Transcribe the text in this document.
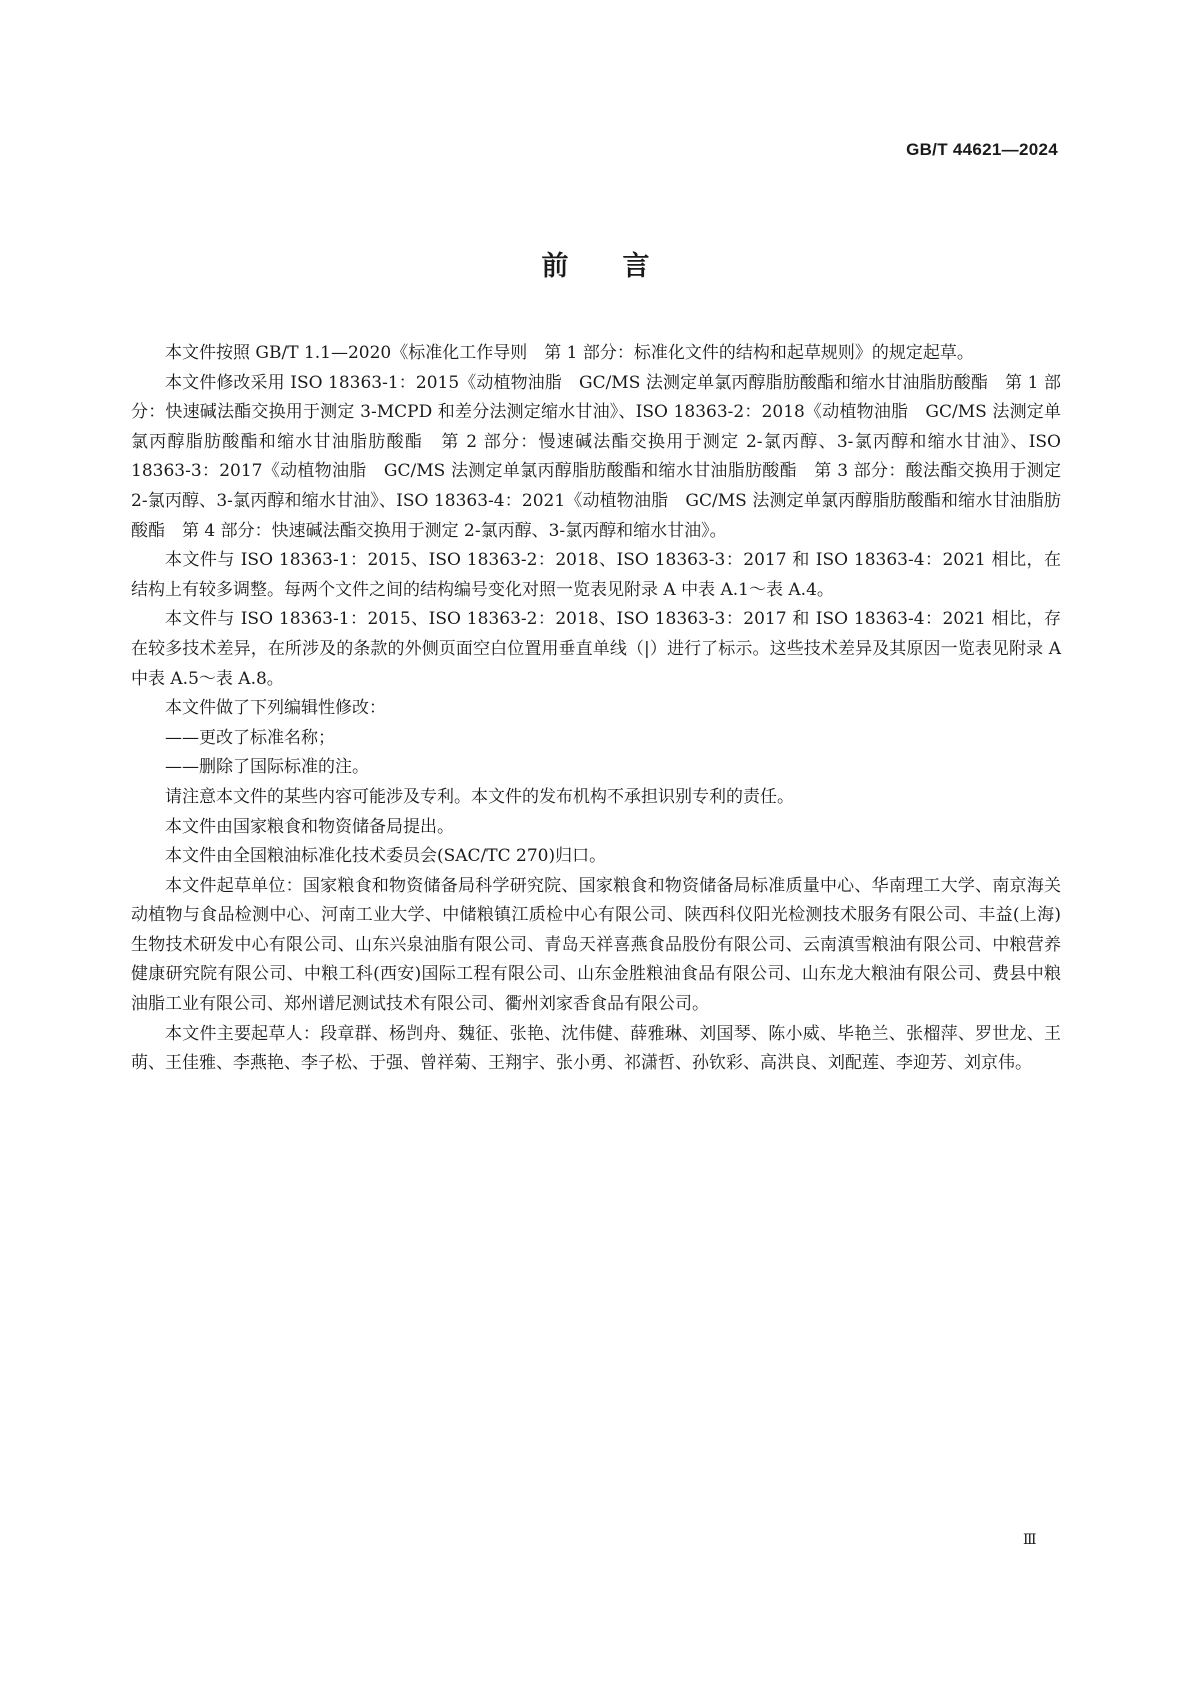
GB/T 44621—2024
前 言

本文件按照 GB/T 1.1—2020《标准化工作导则　第 1 部分：标准化文件的结构和起草规则》的规定起草。

本文件修改采用 ISO 18363-1：2015《动植物油脂　GC/MS 法测定单氯丙醇脂肪酸酯和缩水甘油脂肪酸酯　第 1 部分：快速碱法酯交换用于测定 3-MCPD 和差分法测定缩水甘油》、ISO 18363-2：2018《动植物油脂　GC/MS 法测定单氯丙醇脂肪酸酯和缩水甘油脂肪酸酯　第 2 部分：慢速碱法酯交换用于测定 2-氯丙醇、3-氯丙醇和缩水甘油》、ISO 18363-3：2017《动植物油脂　GC/MS 法测定单氯丙醇脂肪酸酯和缩水甘油脂肪酸酯　第 3 部分：酸法酯交换用于测定 2-氯丙醇、3-氯丙醇和缩水甘油》、ISO 18363-4：2021《动植物油脂　GC/MS 法测定单氯丙醇脂肪酸酯和缩水甘油脂肪酸酯　第 4 部分：快速碱法酯交换用于测定 2-氯丙醇、3-氯丙醇和缩水甘油》。

本文件与 ISO 18363-1：2015、ISO 18363-2：2018、ISO 18363-3：2017 和 ISO 18363-4：2021 相比，在结构上有较多调整。每两个文件之间的结构编号变化对照一览表见附录 A 中表 A.1～表 A.4。

本文件与 ISO 18363-1：2015、ISO 18363-2：2018、ISO 18363-3：2017 和 ISO 18363-4：2021 相比，存在较多技术差异，在所涉及的条款的外侧页面空白位置用垂直单线（|）进行了标示。这些技术差异及其原因一览表见附录 A 中表 A.5～表 A.8。

本文件做了下列编辑性修改：

——更改了标准名称；

——删除了国际标准的注。

请注意本文件的某些内容可能涉及专利。本文件的发布机构不承担识别专利的责任。

本文件由国家粮食和物资储备局提出。

本文件由全国粮油标准化技术委员会(SAC/TC 270)归口。

本文件起草单位：国家粮食和物资储备局科学研究院、国家粮食和物资储备局标准质量中心、华南理工大学、南京海关动植物与食品检测中心、河南工业大学、中储粮镇江质检中心有限公司、陕西科仪阳光检测技术服务有限公司、丰益(上海)生物技术研发中心有限公司、山东兴泉油脂有限公司、青岛天祥喜燕食品股份有限公司、云南滇雪粮油有限公司、中粮营养健康研究院有限公司、中粮工科(西安)国际工程有限公司、山东金胜粮油食品有限公司、山东龙大粮油有限公司、费县中粮油脂工业有限公司、郑州谱尼测试技术有限公司、衢州刘家香食品有限公司。

本文件主要起草人：段章群、杨剀舟、魏征、张艳、沈伟健、薛雅琳、刘国琴、陈小威、毕艳兰、张榴萍、罗世龙、王萌、王佳雅、李燕艳、李子松、于强、曾祥菊、王翔宇、张小勇、祁潇哲、孙钦彩、高洪良、刘配莲、李迎芳、刘京伟。

Ⅲ
